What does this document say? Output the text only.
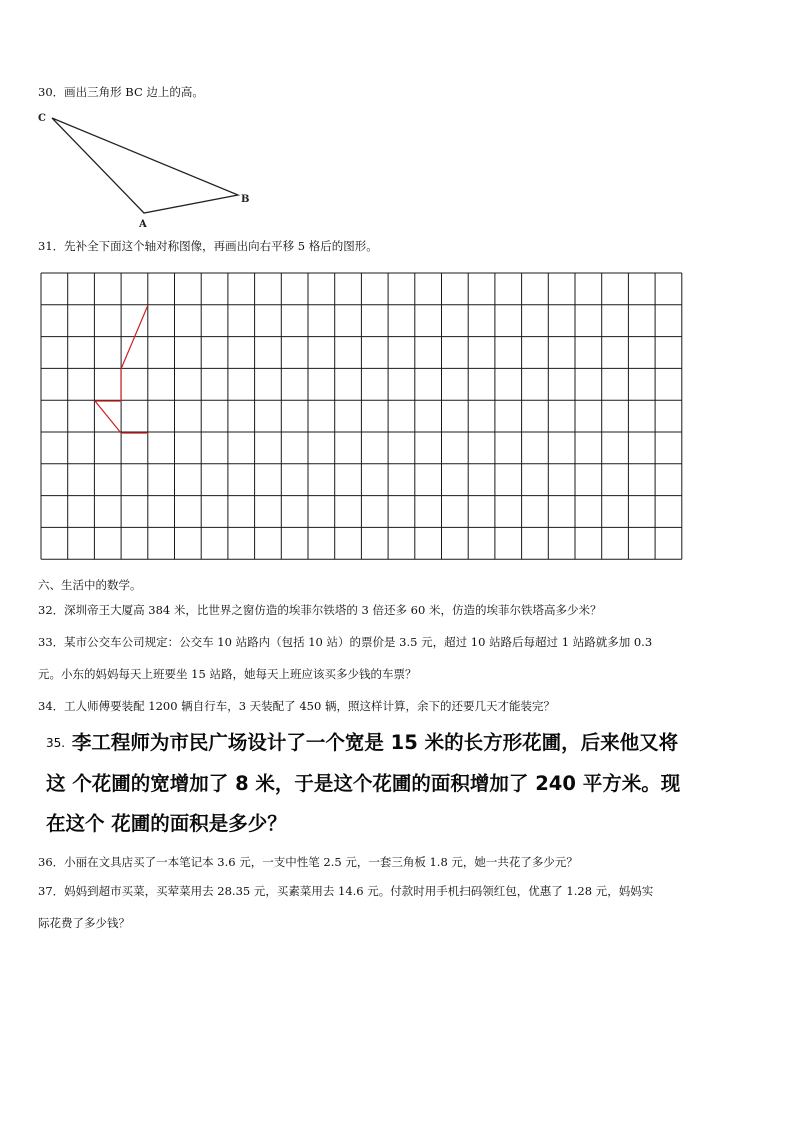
30．画出三角形 BC 边上的高。
C
B
A
31．先补全下面这个轴对称图像，再画出向右平移 5 格后的图形。
六、生活中的数学。
32．深圳帝王大厦高 384 米，比世界之窗仿造的埃菲尔铁塔的 3 倍还多 60 米，仿造的埃菲尔铁塔高多少米？
33．某市公交车公司规定：公交车 10 站路内（包括 10 站）的票价是 3.5 元，超过 10 站路后每超过 1 站路就多加 0.3
元。小东的妈妈每天上班要坐 15 站路，她每天上班应该买多少钱的车票？
34．工人师傅要装配 1200 辆自行车，3 天装配了 450 辆，照这样计算，余下的还要几天才能装完？
35. 李工程师为市民广场设计了一个宽是 15 米的长方形花圃，后来他又将
这 个花圃的宽增加了 8 米，于是这个花圃的面积增加了 240 平方米。现
在这个 花圃的面积是多少？
36．小丽在文具店买了一本笔记本 3.6 元，一支中性笔 2.5 元，一套三角板 1.8 元，她一共花了多少元？
37．妈妈到超市买菜，买荤菜用去 28.35 元，买素菜用去 14.6 元。付款时用手机扫码领红包，优惠了 1.28 元，妈妈实
际花费了多少钱？
